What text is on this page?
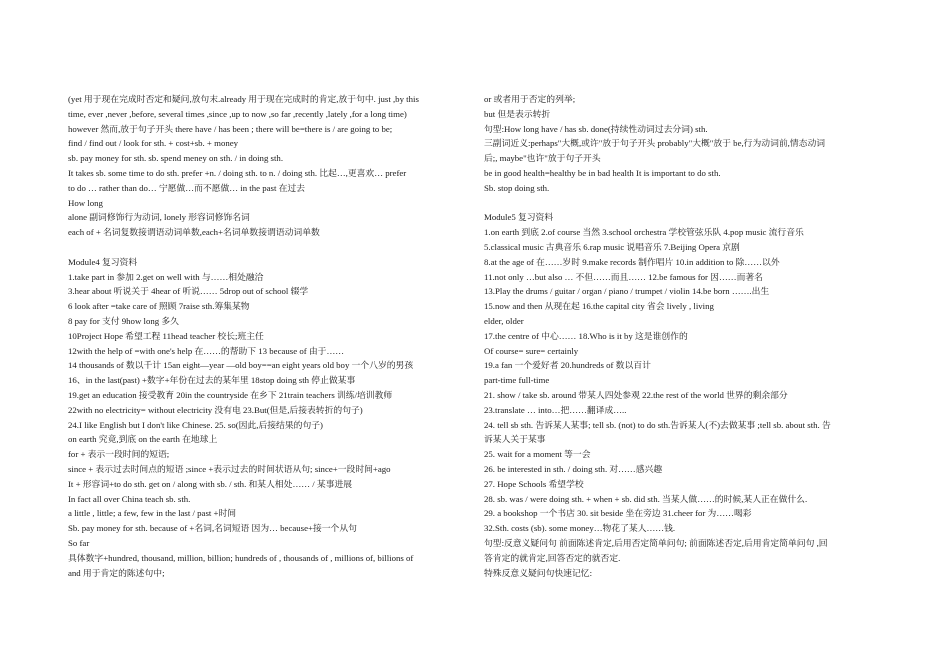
(yet 用于现在完成时否定和疑问,放句末.already 用于现在完成时的肯定,放于句中. just ,by this
time, ever ,never ,before, several times ,since ,up to now ,so far ,recently ,lately ,for a long time)
however 然而,放于句子开头 there have / has been ; there will be=there is / are going to be;
find / find out / look for sth. + cost+sb. + money
sb. pay money for sth. sb. spend meney on sth. / in doing sth.
It takes sb. some time to do sth. prefer +n. / doing sth. to n. / doing sth. 比起…,更喜欢… prefer
to do … rather than do… 宁愿做…而不愿做… in the past 在过去
How long
alone 副词修饰行为动词, lonely 形容词修饰名词
each of + 名词复数接谓语动词单数,each+名词单数接谓语动词单数
Module4 复习资料
1.take part in 参加 2.get on well with 与……相处融洽
3.hear about 听说关于 4hear of 听说…… 5drop out of school 辍学
6 look after =take care of 照顾 7raise sth.筹集某物
8 pay for 支付 9how long 多久
10Project Hope 希望工程 11head teacher 校长;班主任
12with the help of =with one's help 在……的帮助下 13 because of 由于……
14 thousands of 数以千计 15an eight—year —old boy==an eight years old boy 一个八岁的男孩
16、in the last(past) +数字+年份在过去的某年里 18stop doing sth 停止做某事
19.get an education 接受教育 20in the countryside 在乡下 21train teachers 训练/培训教师
22with no electricity= without electricity 没有电 23.But(但是,后接表转折的句子)
24.I like English but I don't like Chinese. 25. so(因此,后接结果的句子)
on earth 究竟,到底 on the earth 在地球上
for + 表示一段时间的短语;
since + 表示过去时间点的短语 ;since +表示过去的时间状语从句; since+一段时间+ago
It + 形容词+to do sth. get on / along with sb. / sth. 和某人相处…… / 某事进展
In fact all over China teach sb. sth.
a little , little; a few, few in the last / past +时间
Sb. pay money for sth. because of +名词,名词短语 因为… because+接一个从句
So far
具体数字+hundred, thousand, million, billion; hundreds of , thousands of , millions of, billions of
and 用于肯定的陈述句中;
or 或者用于否定的列举;
but 但是表示转折
句型:How long have / has sb. done(持续性动词过去分词) sth.
三副词近义:perhaps"大概,或许"放于句子开头 probably"大概"放于 be,行为动词前,情态动词
后;, maybe"也许"放于句子开头
be in good health=healthy be in bad health It is important to do sth.
Sb. stop doing sth.
Module5 复习资料
1.on earth 到底 2.of course 当然 3.school orchestra 学校管弦乐队 4.pop music 流行音乐
5.classical music 古典音乐 6.rap music 说唱音乐 7.Beijing Opera 京剧
8.at the age of 在……岁时 9.make records 制作唱片 10.in addition to 除……以外
11.not only …but also … 不但……而且…… 12.be famous for 因……而著名
13.Play the drums / guitar / organ / piano / trumpet / violin 14.be born …….出生
15.now and then 从现在起 16.the capital city 省会 lively , living
elder, older
17.the centre of 中心…… 18.Who is it by 这是谁创作的
Of course= sure= certainly
19.a fan 一个爱好者 20.hundreds of 数以百计
part-time full-time
21. show / take sb. around 带某人四处参观 22.the rest of the world 世界的剩余部分
23.translate … into…把……翻译成…..
24. tell sb sth. 告诉某人某事; tell sb. (not) to do sth.告诉某人(不)去做某事 ;tell sb. about sth. 告
诉某人关于某事
25. wait for a moment 等一会
26. be interested in sth. / doing sth. 对……感兴趣
27. Hope Schools 希望学校
28. sb. was / were doing sth. + when + sb. did sth. 当某人做……的时候,某人正在做什么.
29. a bookshop 一个书店 30. sit beside 坐在旁边 31.cheer for 为……喝彩
32.Sth. costs (sb). some money…物花了某人……钱.
句型:反意义疑问句 前面陈述肯定,后用否定简单问句; 前面陈述否定,后用肯定简单问句 ,回
答肯定的就肯定,回答否定的就否定.
特殊反意义疑问句快速记忆:
